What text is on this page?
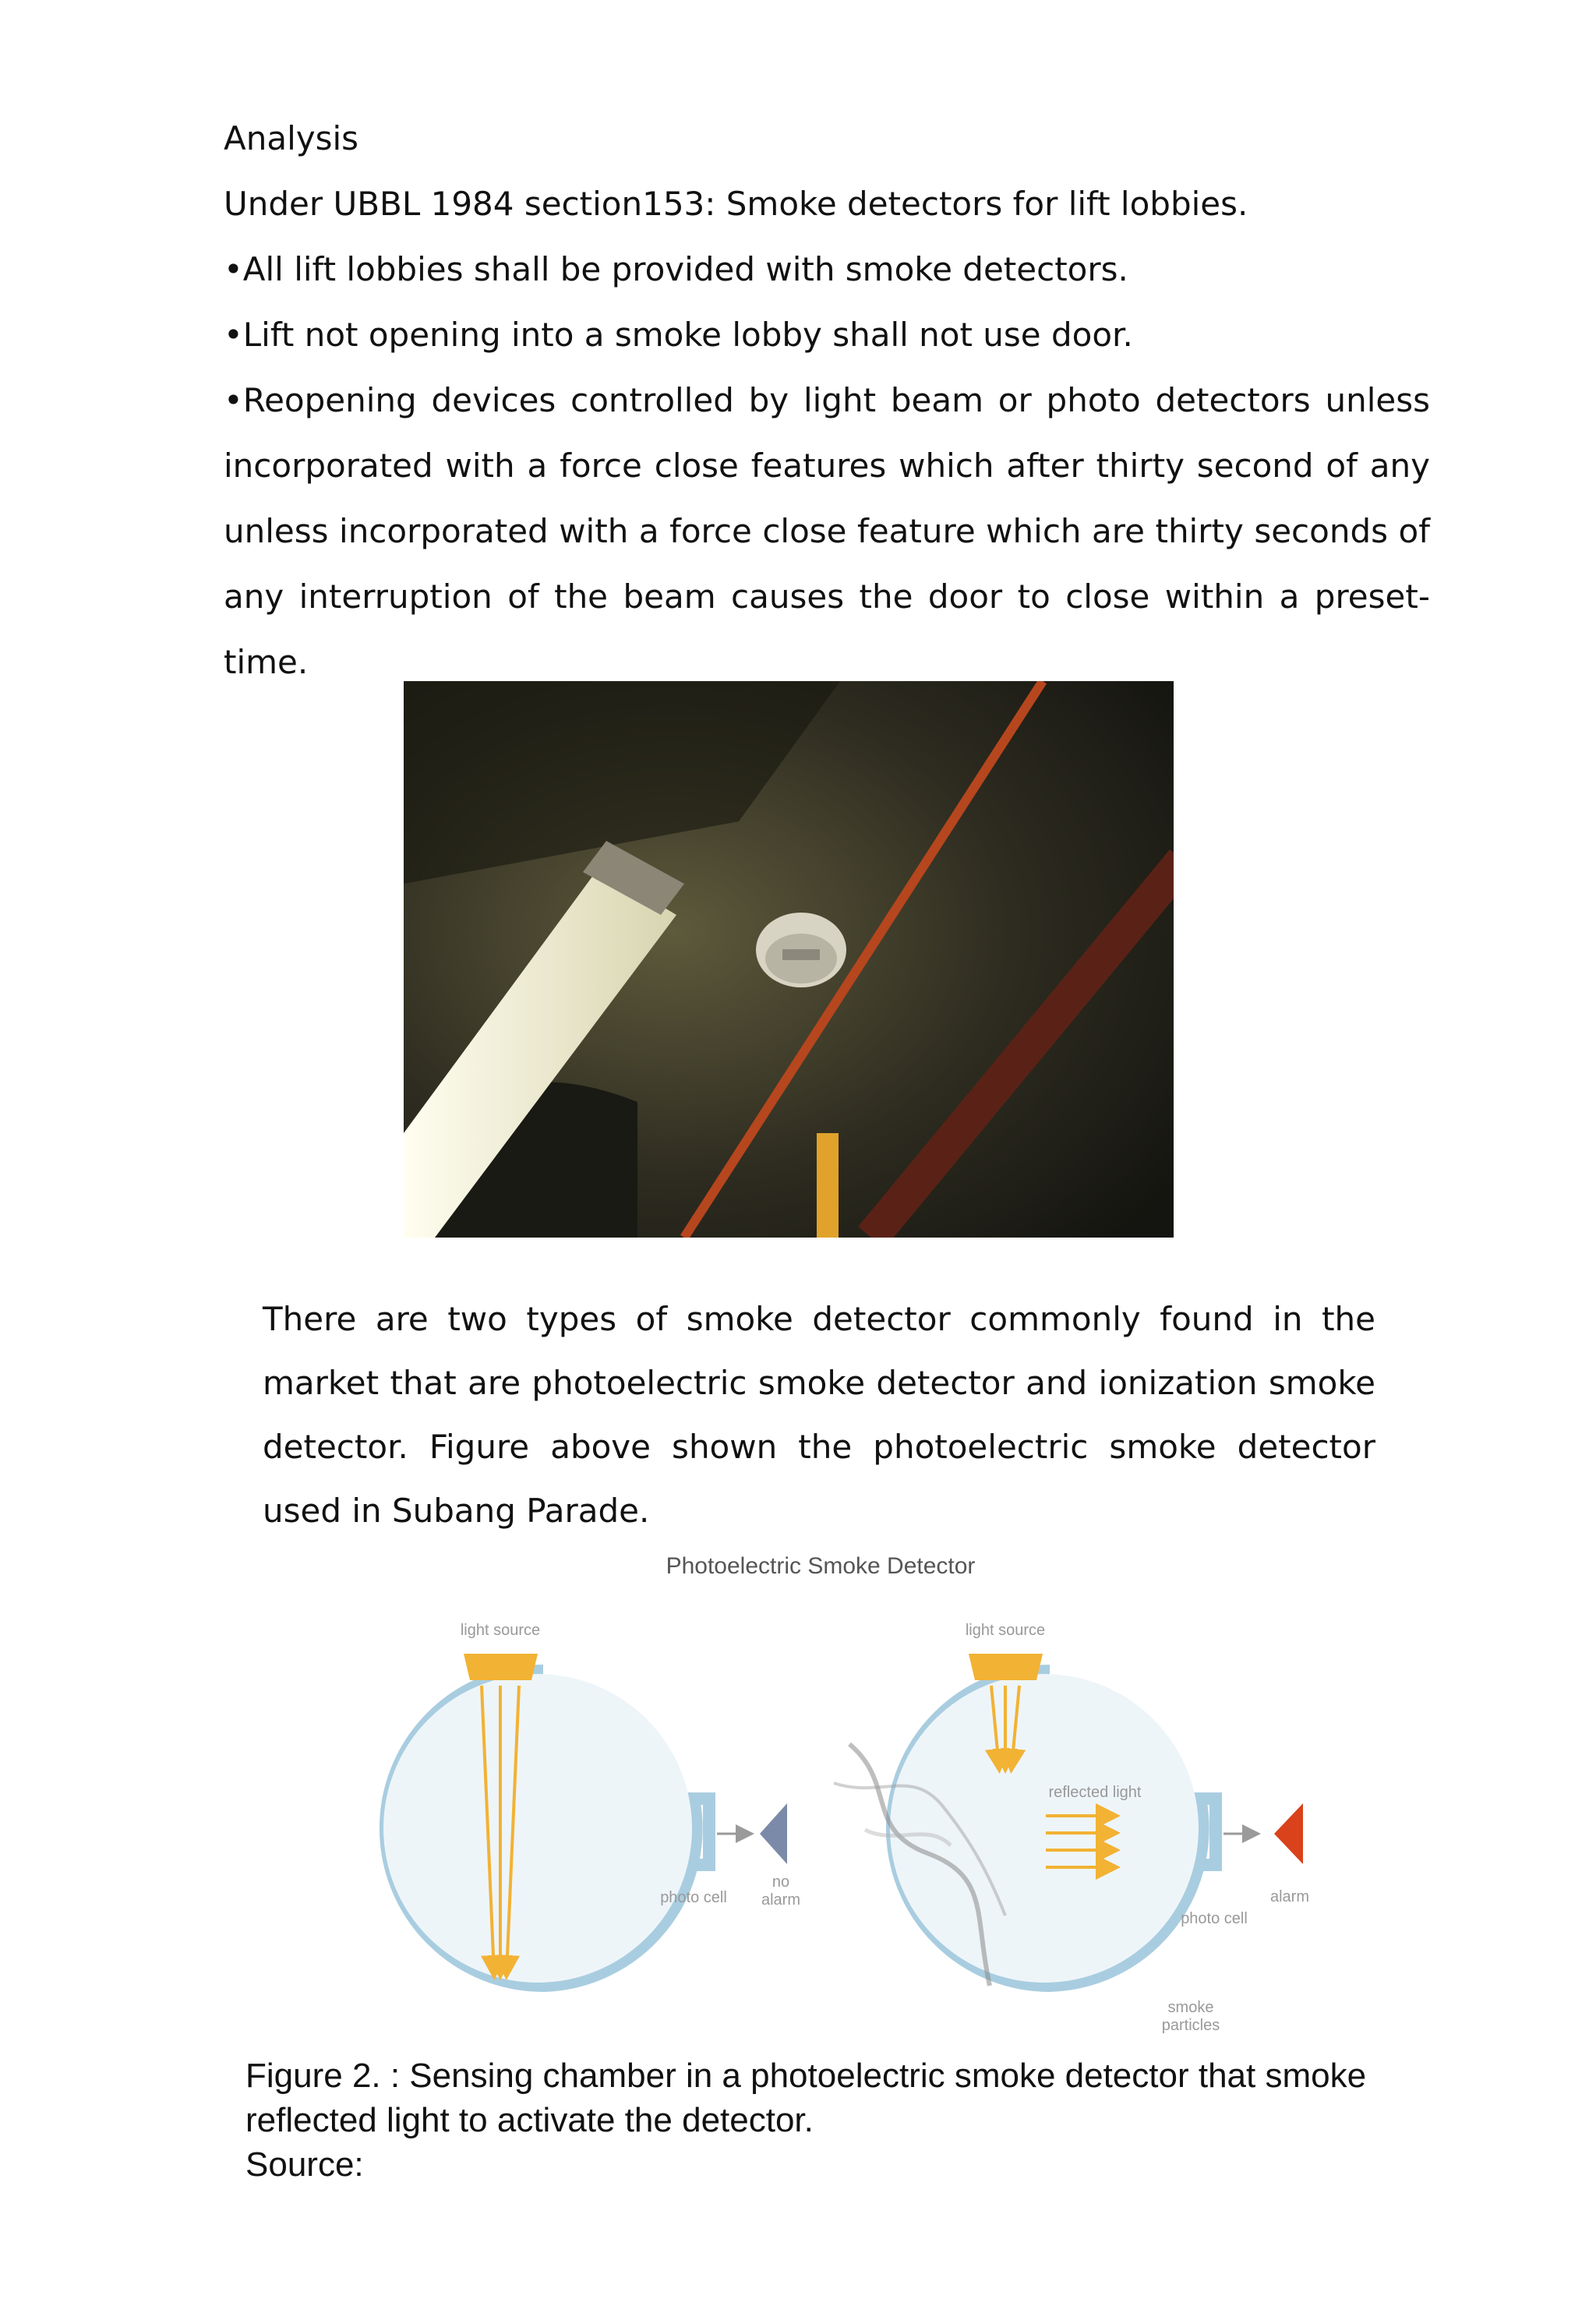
Analysis

Under UBBL 1984 section153: Smoke detectors for lift lobbies.

•All lift lobbies shall be provided with smoke detectors.

•Lift not opening into a smoke lobby shall not use door.

•Reopening devices controlled by light beam or photo detectors unless incorporated with a force close features which after thirty second of any unless incorporated with a force close feature which are thirty seconds of any interruption of the beam causes the door to close within a preset-time.

There are two types of smoke detector commonly found in the market that are photoelectric smoke detector and ionization smoke detector. Figure above shown the photoelectric smoke detector used in Subang Parade.

Photoelectric Smoke Detector
light source
photo cell
no
alarm
light source
reflected light
photo cell
alarm
smoke
particles

Figure 2. : Sensing chamber in a photoelectric smoke detector that smoke

reflected light to activate the detector.

Source:
